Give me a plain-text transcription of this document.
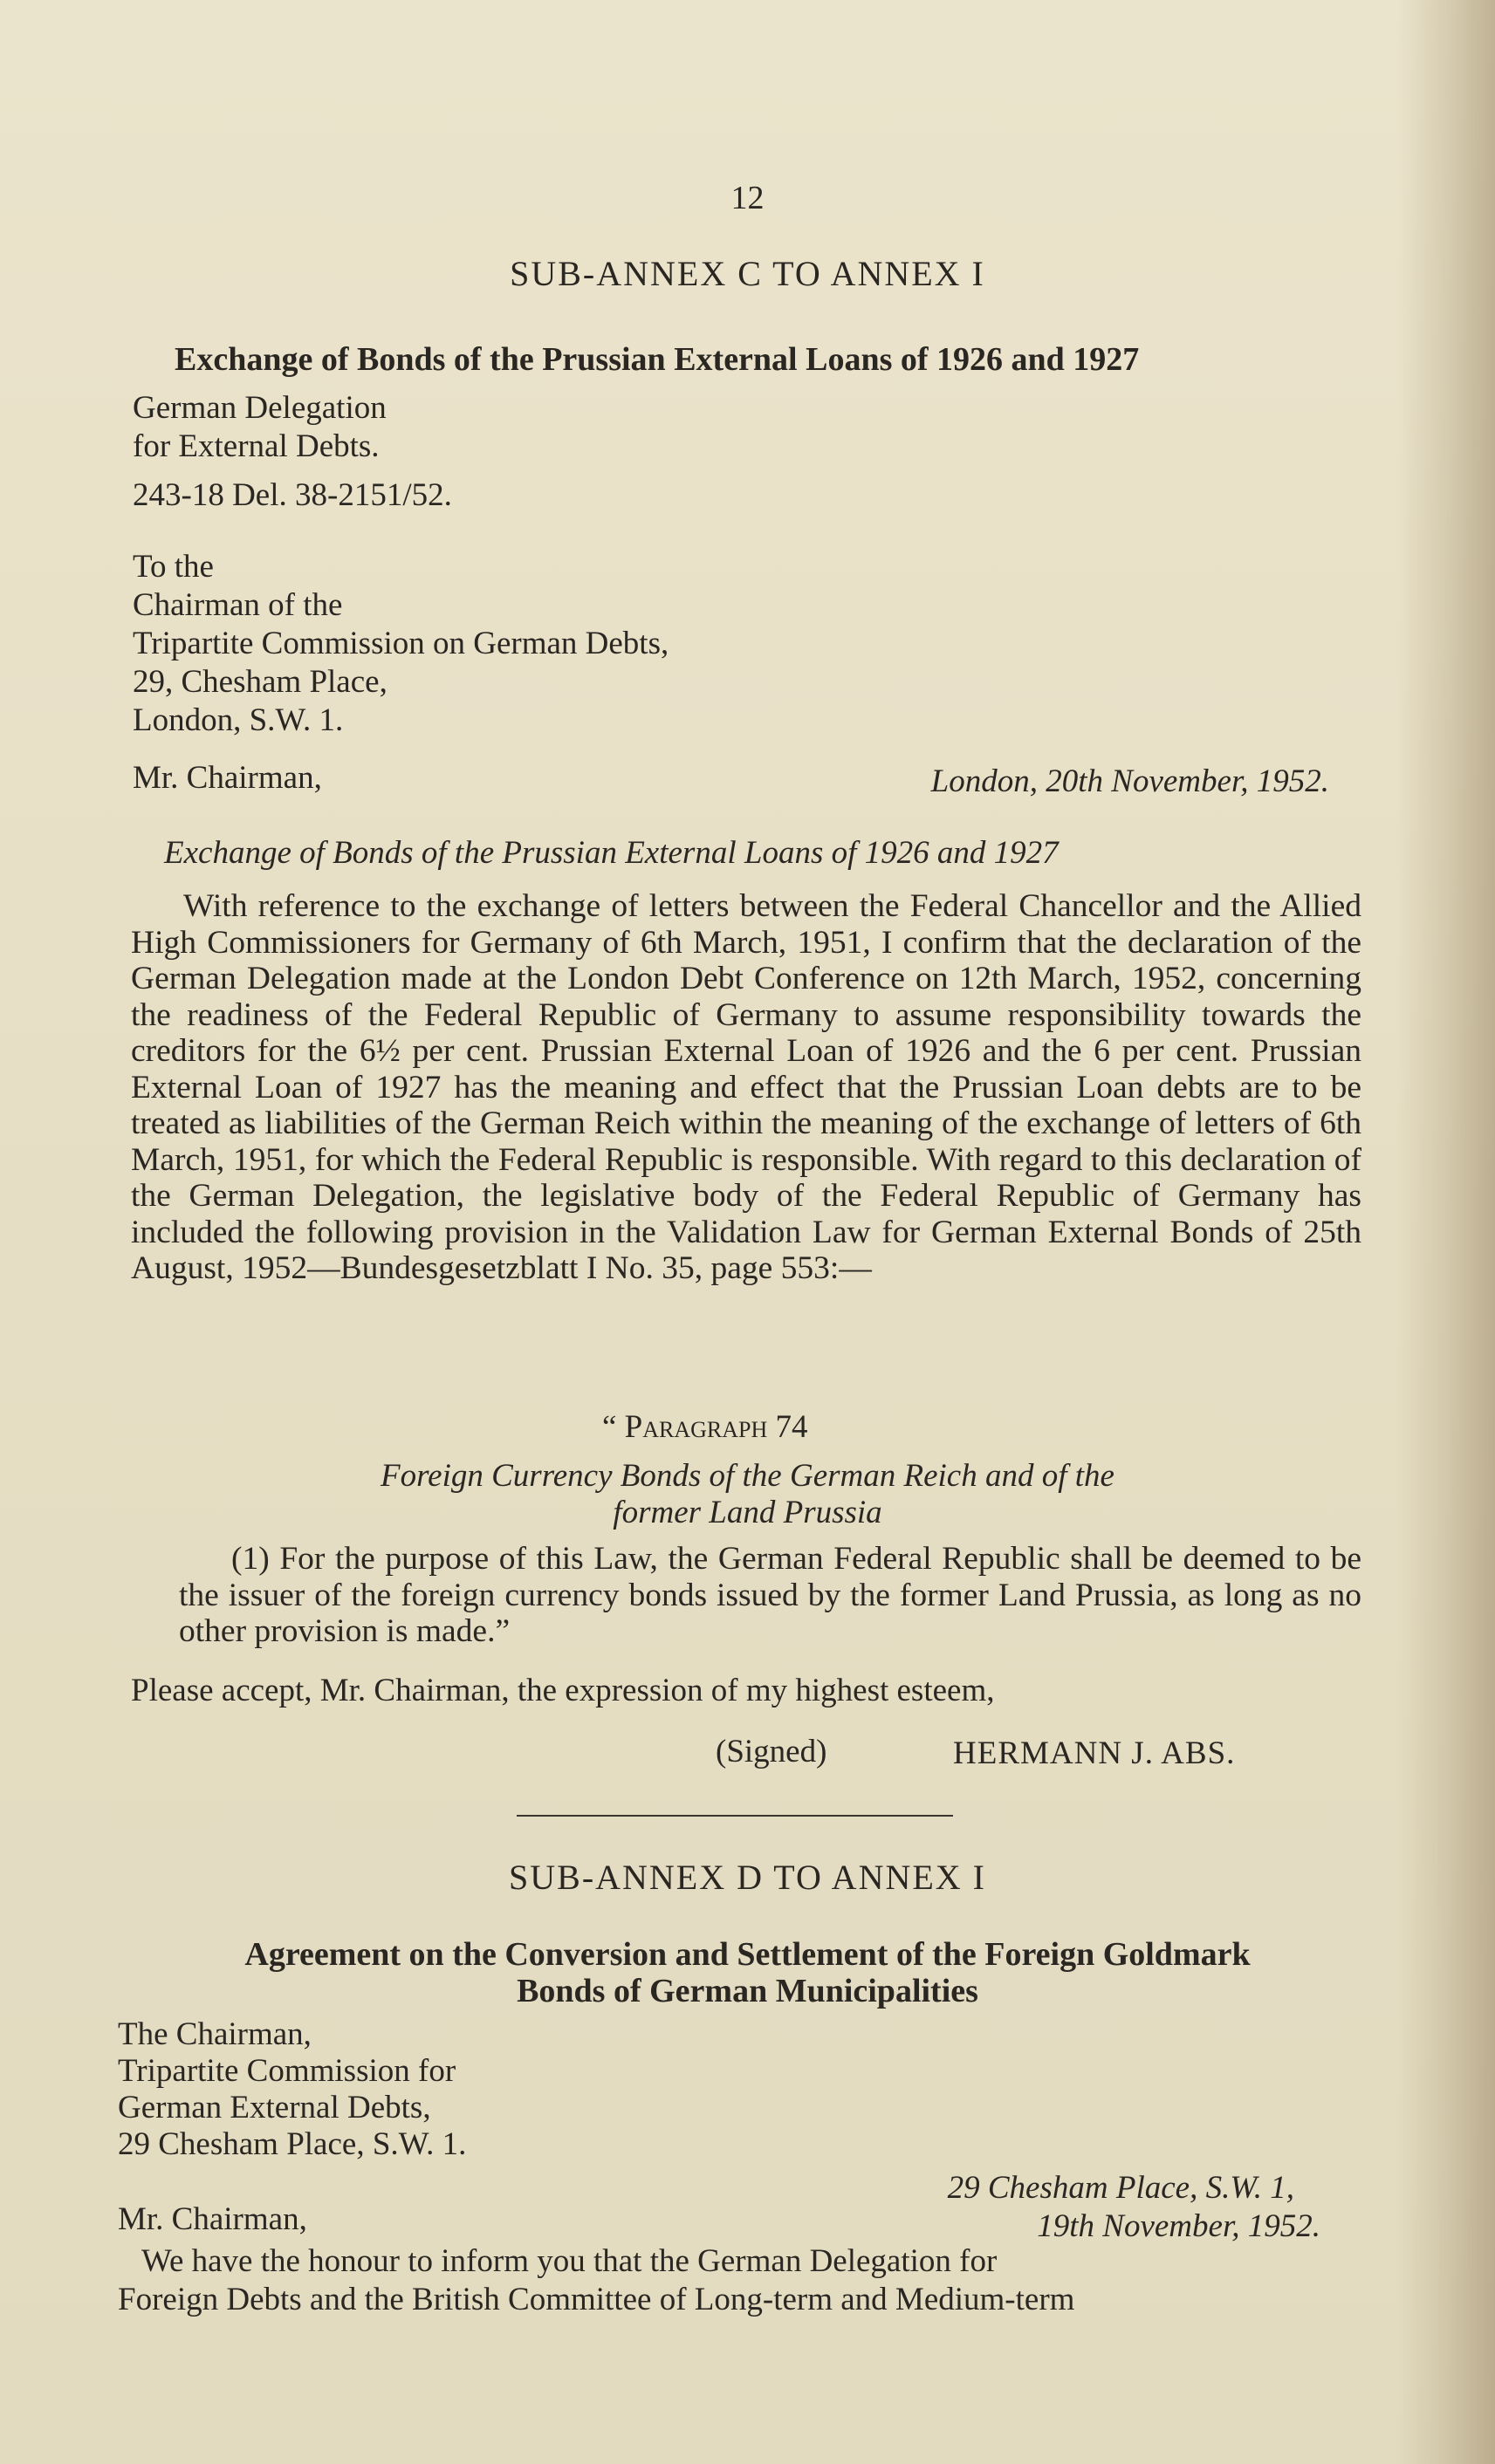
12

SUB-ANNEX C TO ANNEX I

Exchange of Bonds of the Prussian External Loans of 1926 and 1927

German Delegation

for External Debts.

243-18 Del. 38-2151/52.

To the

Chairman of the

Tripartite Commission on German Debts,

29, Chesham Place,

London, S.W. 1.

Mr. Chairman,	London, 20th November, 1952.

Exchange of Bonds of the Prussian External Loans of 1926 and 1927

With reference to the exchange of letters between the Federal Chancellor and the Allied High Commissioners for Germany of 6th March, 1951, I confirm that the declaration of the German Delegation made at the London Debt Conference on 12th March, 1952, concerning the readiness of the Federal Republic of Germany to assume responsibility towards the creditors for the 6½ per cent. Prussian External Loan of 1926 and the 6 per cent. Prussian External Loan of 1927 has the meaning and effect that the Prussian Loan debts are to be treated as liabilities of the German Reich within the meaning of the exchange of letters of 6th March, 1951, for which the Federal Republic is responsible. With regard to this declaration of the German Delegation, the legislative body of the Federal Republic of Germany has included the following provision in the Validation Law for German External Bonds of 25th August, 1952—Bundesgesetzblatt I No. 35, page 553:—

“ Paragraph 74

Foreign Currency Bonds of the German Reich and of the

former Land Prussia

(1) For the purpose of this Law, the German Federal Republic shall be deemed to be the issuer of the foreign currency bonds issued by the former Land Prussia, as long as no other provision is made.”

Please accept, Mr. Chairman, the expression of my highest esteem,

(Signed)	HERMANN J. ABS.

SUB-ANNEX D TO ANNEX I

Agreement on the Conversion and Settlement of the Foreign Goldmark

Bonds of German Municipalities

The Chairman,

Tripartite Commission for

German External Debts,

29 Chesham Place, S.W. 1.

29 Chesham Place, S.W. 1,

Mr. Chairman,	19th November, 1952.

We have the honour to inform you that the German Delegation for

Foreign Debts and the British Committee of Long-term and Medium-term
